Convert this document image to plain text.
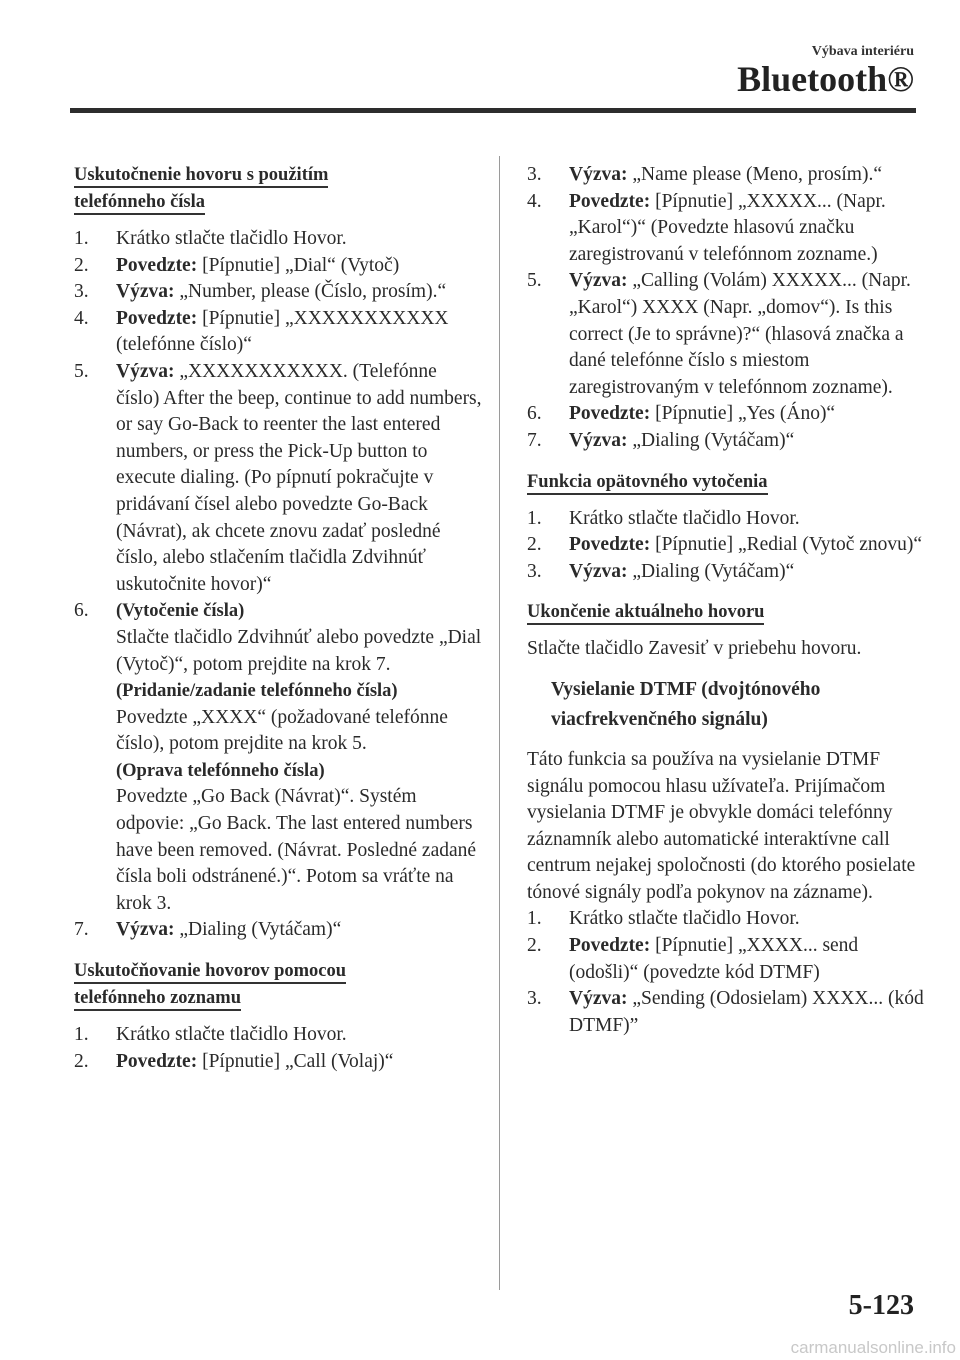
Výbava interiéru
Bluetooth®
Uskutočnenie hovoru s použitím
telefónneho čísla
1. Krátko stlačte tlačidlo Hovor.
2. Povedzte: [Pípnutie] „Dial“ (Vytoč)
3. Výzva: „Number, please (Číslo, prosím).“
4. Povedzte: [Pípnutie] „XXXXXXXXXXX (telefónne číslo)“
5. Výzva: „XXXXXXXXXXX. (Telefónne číslo) After the beep, continue to add numbers, or say Go-Back to reenter the last entered numbers, or press the Pick-Up button to execute dialing. (Po pípnutí pokračujte v pridávaní čísel alebo povedzte Go-Back (Návrat), ak chcete znovu zadať posledné číslo, alebo stlačením tlačidla Zdvihnúť uskutočnite hovor)“
6. (Vytočenie čísla)
Stlačte tlačidlo Zdvihnúť alebo povedzte „Dial (Vytoč)“, potom prejdite na krok 7.
(Pridanie/zadanie telefónneho čísla)
Povedzte „XXXX“ (požadované telefónne číslo), potom prejdite na krok 5.
(Oprava telefónneho čísla)
Povedzte „Go Back (Návrat)“. Systém odpovie: „Go Back. The last entered numbers have been removed. (Návrat. Posledné zadané čísla boli odstránené.)“. Potom sa vráťte na krok 3.
7. Výzva: „Dialing (Vytáčam)“
Uskutočňovanie hovorov pomocou
telefónneho zoznamu
1. Krátko stlačte tlačidlo Hovor.
2. Povedzte: [Pípnutie] „Call (Volaj)“
3. Výzva: „Name please (Meno, prosím).“
4. Povedzte: [Pípnutie] „XXXXX... (Napr. „Karol“)“ (Povedzte hlasovú značku zaregistrovanú v telefónnom zozname.)
5. Výzva: „Calling (Volám) XXXXX... (Napr. „Karol“) XXXX (Napr. „domov“). Is this correct (Je to správne)?“ (hlasová značka a dané telefónne číslo s miestom zaregistrovaným v telefónnom zozname).
6. Povedzte: [Pípnutie] „Yes (Áno)“
7. Výzva: „Dialing (Vytáčam)“
Funkcia opätovného vytočenia
1. Krátko stlačte tlačidlo Hovor.
2. Povedzte: [Pípnutie] „Redial (Vytoč znovu)“
3. Výzva: „Dialing (Vytáčam)“
Ukončenie aktuálneho hovoru

Stlačte tlačidlo Zavesiť v priebehu hovoru.

Vysielanie DTMF (dvojtónového viacfrekvenčného signálu)

Táto funkcia sa používa na vysielanie DTMF signálu pomocou hlasu užívateľa. Prijímačom vysielania DTMF je obvykle domáci telefónny záznamník alebo automatické interaktívne call centrum nejakej spoločnosti (do ktorého posielate tónové signály podľa pokynov na zázname).

1. Krátko stlačte tlačidlo Hovor.
2. Povedzte: [Pípnutie] „XXXX... send (odošli)“ (povedzte kód DTMF)
3. Výzva: „Sending (Odosielam) XXXX... (kód DTMF)”
5-123
carmanualsonline.info
